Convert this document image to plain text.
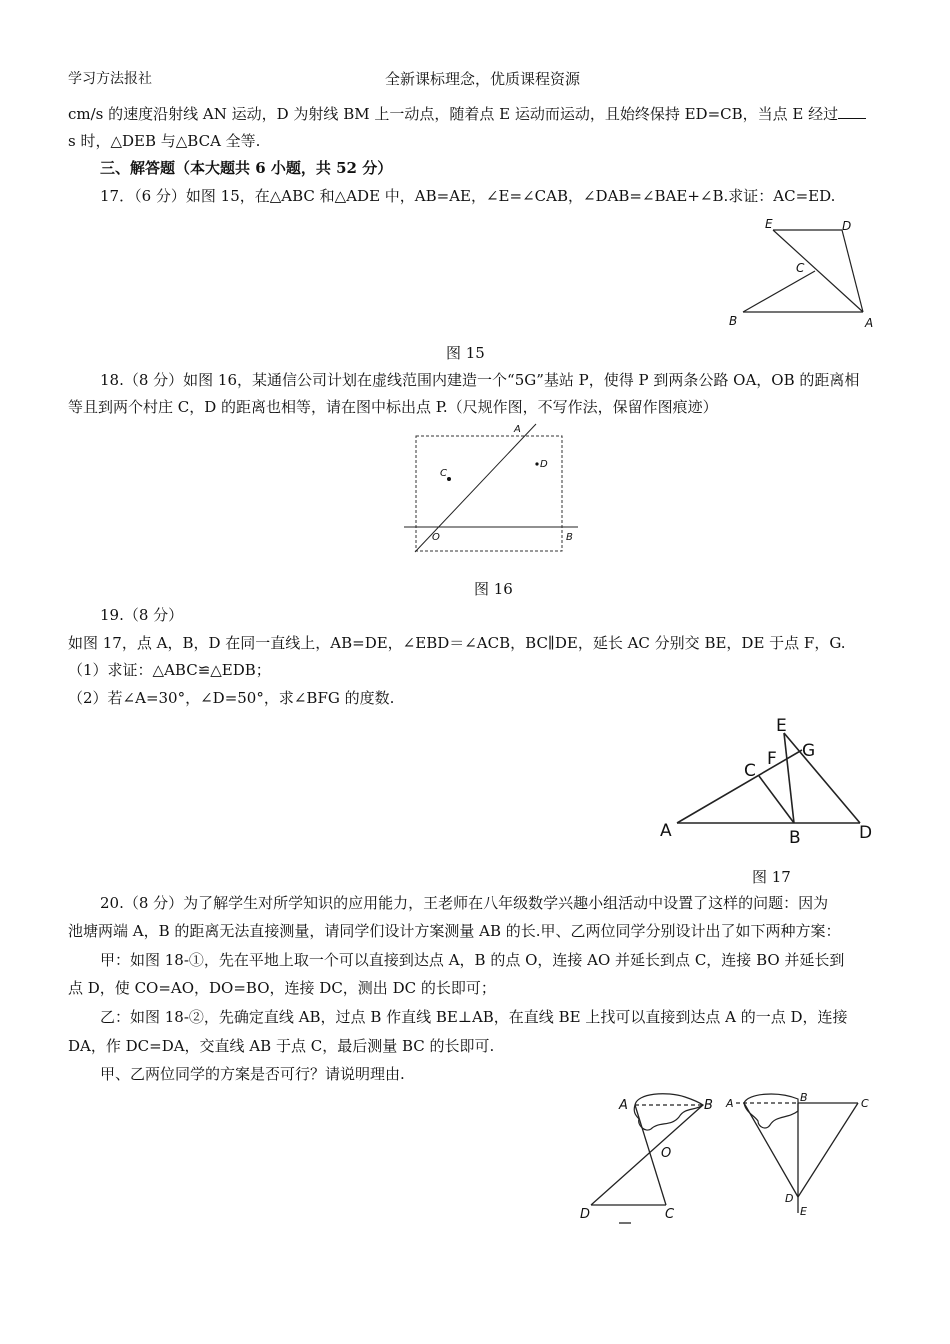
学习方法报社	全新课标理念，优质课程资源
cm/s 的速度沿射线 AN 运动，D 为射线 BM 上一动点，随着点 E 运动而运动，且始终保持 ED=CB，当点 E 经过
s 时，△DEB 与△BCA 全等.
三、解答题（本大题共 6 小题，共 52 分）
17．（6 分）如图 15，在△ABC 和△ADE 中，AB=AE，∠E=∠CAB，∠DAB=∠BAE+∠B.求证：AC=ED.
E	D
C
B	A
图 15
18.（8 分）如图 16，某通信公司计划在虚线范围内建造一个“5G”基站 P，使得 P 到两条公路 OA，OB 的距离相
等且到两个村庄 C，D 的距离也相等，请在图中标出点 P.（尺规作图，不写作法，保留作图痕迹）
A
C
D
O	B
图 16
19.（8 分）
如图 17，点 A，B，D 在同一直线上，AB=DE，∠EBD＝∠ACB，BC∥DE，延长 AC 分别交 BE，DE 于点 F，G.
（1）求证：△ABC≌△EDB；
（2）若∠A=30°，∠D=50°，求∠BFG 的度数.
E
F G
C
A	B	D
图 17
20.（8 分）为了解学生对所学知识的应用能力，王老师在八年级数学兴趣小组活动中设置了这样的问题：因为
池塘两端 A，B 的距离无法直接测量，请同学们设计方案测量 AB 的长.甲、乙两位同学分别设计出了如下两种方案：
甲：如图 18-①，先在平地上取一个可以直接到达点 A，B 的点 O，连接 AO 并延长到点 C，连接 BO 并延长到
点 D，使 CO=AO，DO=BO，连接 DC，测出 DC 的长即可；
乙：如图 18-②，先确定直线 AB，过点 B 作直线 BE⊥AB，在直线 BE 上找可以直接到达点 A 的一点 D，连接
DA，作 DC=DA，交直线 AB 于点 C，最后测量 BC 的长即可.
甲、乙两位同学的方案是否可行？请说明理由.
A	B
O
D	C
A	B	C
D
E
